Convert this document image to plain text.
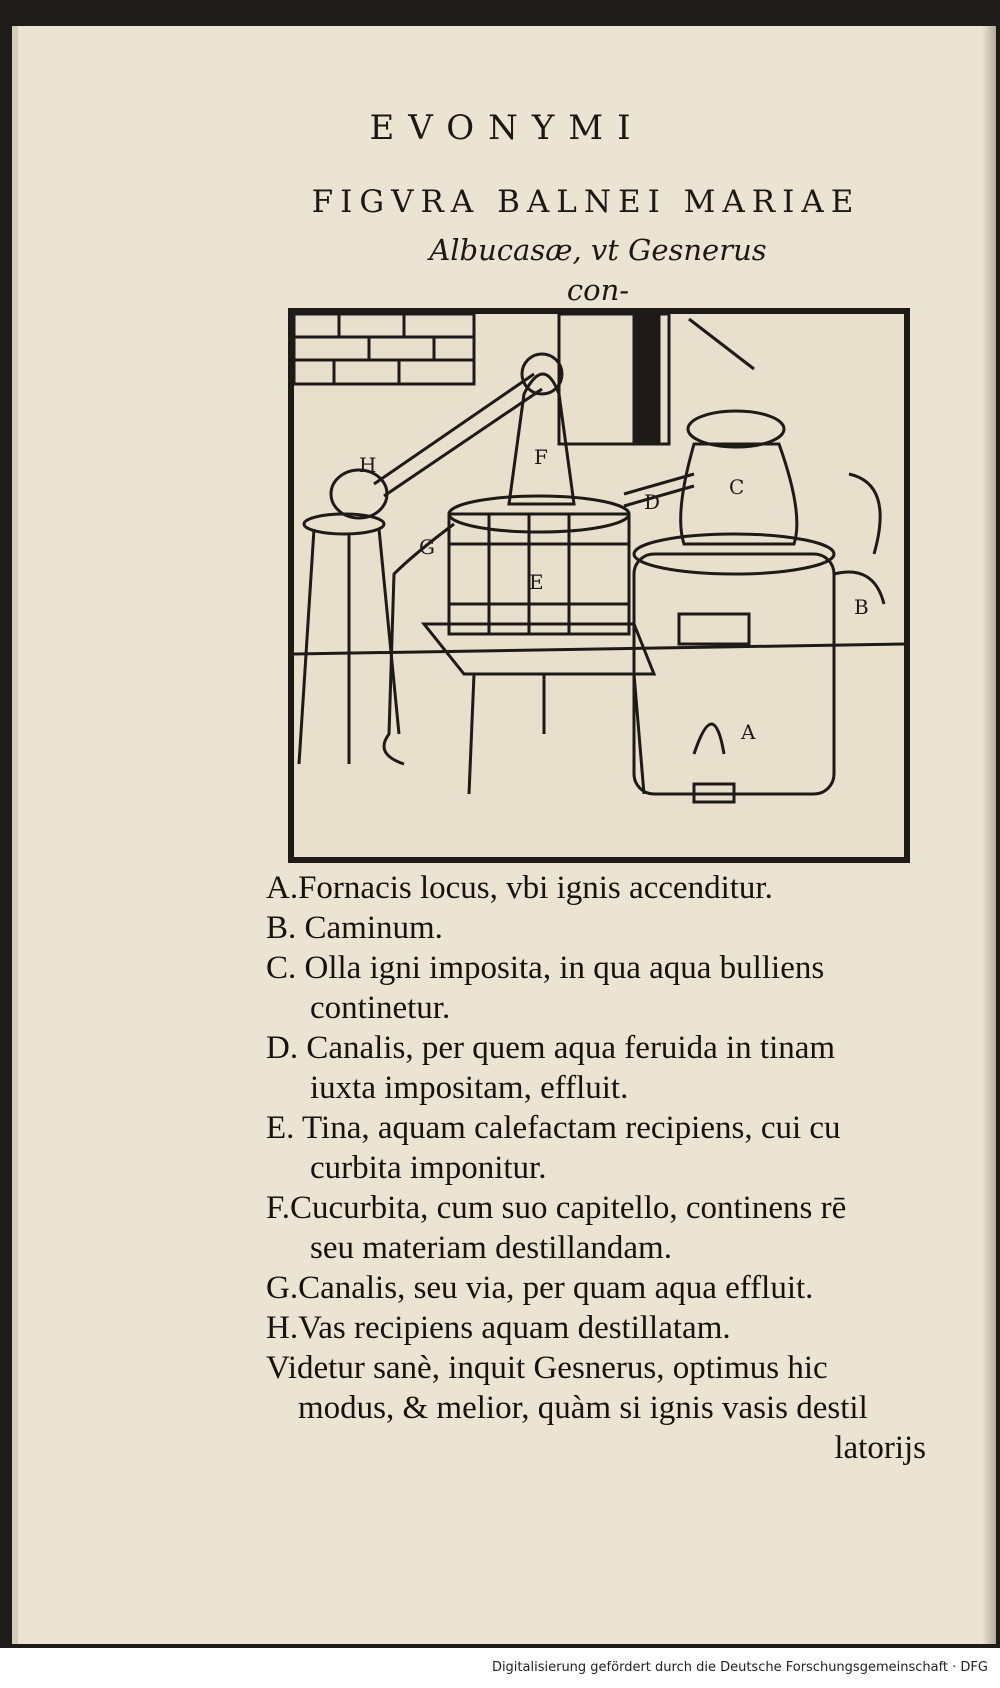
EVONYMI
FIGVRA BALNEI MARIAE
Albucasæ, vt Gesnerus con-
A
B
C
D
E
F
G
H

A.Fornacis locus, vbi ignis accenditur.

B. Caminum.

C. Olla igni imposita, in qua aqua bulliens

continetur.

D. Canalis, per quem aqua feruida in tinam

iuxta impositam, effluit.

E. Tina, aquam calefactam recipiens, cui cu

curbita imponitur.

F.Cucurbita, cum suo capitello, continens rē

seu materiam destillandam.

G.Canalis, seu via, per quam aqua effluit.

H.Vas recipiens aquam destillatam.

Videtur sanè, inquit Gesnerus, optimus hic

modus, & melior, quàm si ignis vasis destil

latorijs

Digitalisierung gefördert durch die Deutsche Forschungsgemeinschaft · DFG
